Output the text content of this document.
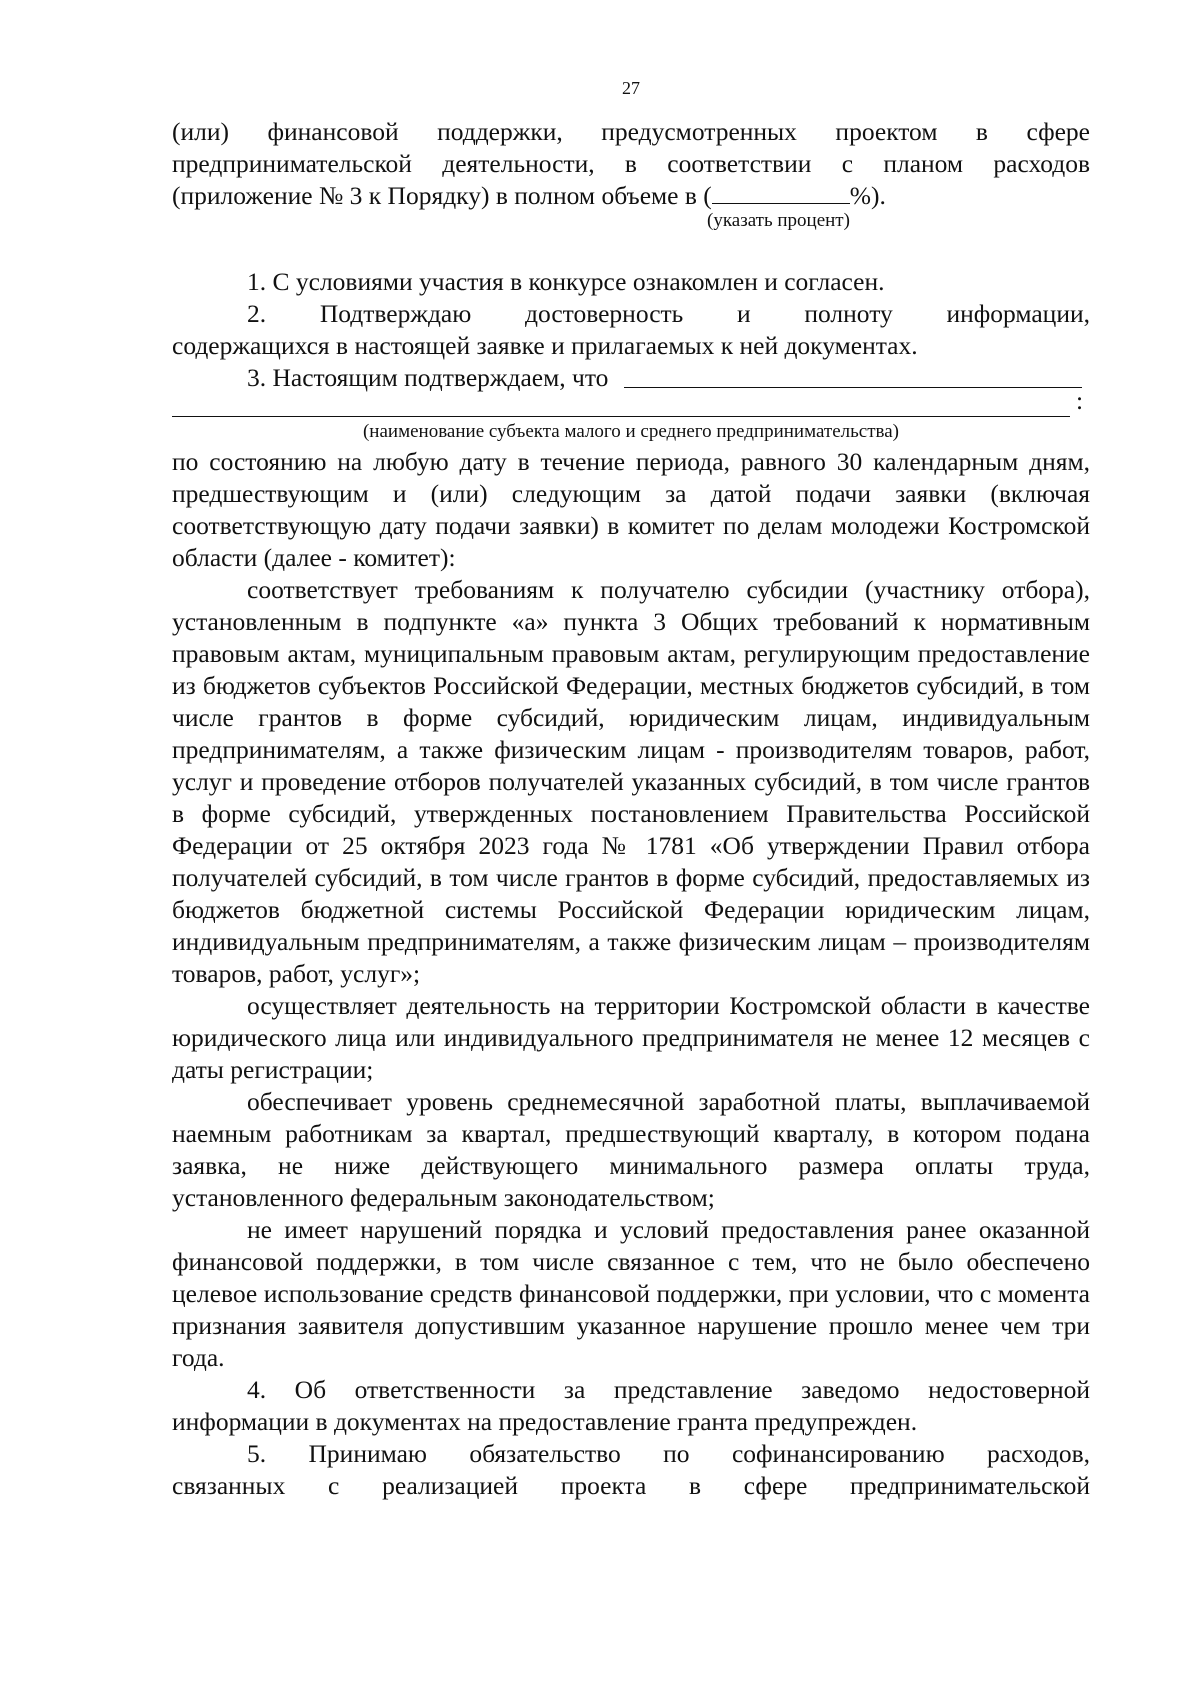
27

(или) финансовой поддержки, предусмотренных проектом в сфере

предпринимательской деятельности, в соответствии с планом расходов

(приложение № 3 к Порядку) в полном объеме в (	%).

(указать процент)

1. С условиями участия в конкурсе ознакомлен и согласен.

2. Подтверждаю достоверность и полноту информации,

содержащихся в настоящей заявке и прилагаемых к ней документах.

3. Настоящим подтверждаем, что

:

(наименование субъекта малого и среднего предпринимательства)

по состоянию на любую дату в течение периода, равного 30 календарным дням, предшествующим и (или) следующим за датой подачи заявки (включая соответствующую дату подачи заявки) в комитет по делам молодежи Костромской области (далее - комитет):

соответствует требованиям к получателю субсидии (участнику отбора), установленным в подпункте «а» пункта 3 Общих требований к нормативным правовым актам, муниципальным правовым актам, регулирующим предоставление из бюджетов субъектов Российской Федерации, местных бюджетов субсидий, в том числе грантов в форме субсидий, юридическим лицам, индивидуальным предпринимателям, а также физическим лицам - производителям товаров, работ, услуг и проведение отборов получателей указанных субсидий, в том числе грантов в форме субсидий, утвержденных постановлением Правительства Российской Федерации от 25 октября 2023 года № 1781 «Об утверждении Правил отбора получателей субсидий, в том числе грантов в форме субсидий, предоставляемых из бюджетов бюджетной системы Российской Федерации юридическим лицам, индивидуальным предпринимателям, а также физическим лицам – производителям товаров, работ, услуг»;

осуществляет деятельность на территории Костромской области в качестве юридического лица или индивидуального предпринимателя не менее 12 месяцев с даты регистрации;

обеспечивает уровень среднемесячной заработной платы, выплачиваемой наемным работникам за квартал, предшествующий кварталу, в котором подана заявка, не ниже действующего минимального размера оплаты труда, установленного федеральным законодательством;

не имеет нарушений порядка и условий предоставления ранее оказанной финансовой поддержки, в том числе связанное с тем, что не было обеспечено целевое использование средств финансовой поддержки, при условии, что с момента признания заявителя допустившим указанное нарушение прошло менее чем три года.

4. Об ответственности за представление заведомо недостоверной информации в документах на предоставление гранта предупрежден.

5. Принимаю обязательство по софинансированию расходов,

связанных с реализацией проекта в сфере предпринимательской
